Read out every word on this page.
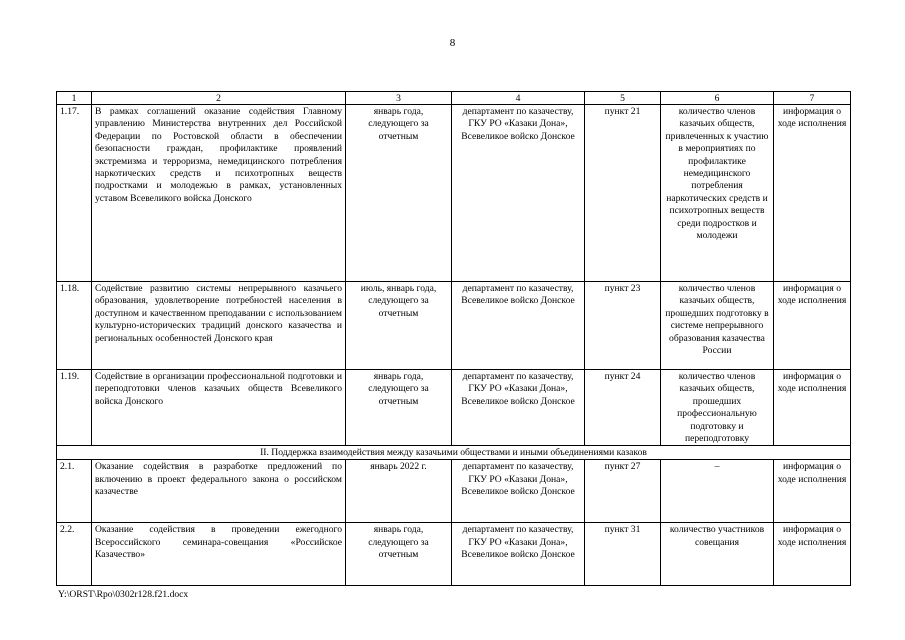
8
1	2	3	4	5	6	7
1.17.	В рамках соглашений оказание содействия Главному управлению Министерства внутренних дел Российской Федерации по Ростовской области в обеспечении безопасности граждан, профилактике проявлений экстремизма и терроризма, немедицинского потребления наркотических средств и психотропных веществ подростками и молодежью в рамках, установленных уставом Всевеликого войска Донского	январь года, следующего за отчетным	департамент по казачеству, ГКУ РО «Казаки Дона», Всевеликое войско Донское	пункт 21	количество членов казачьих обществ, привлеченных к участию в мероприятиях по профилактике немедицинского потребления наркотических средств и психотропных веществ среди подростков и молодежи	информация о ходе исполнения
1.18.	Содействие развитию системы непрерывного казачьего образования, удовлетворение потребностей населения в доступном и качественном преподавании с использованием культурно-исторических традиций донского казачества и региональных особенностей Донского края	июль, январь года, следующего за отчетным	департамент по казачеству, Всевеликое войско Донское	пункт 23	количество членов казачьих обществ, прошедших подготовку в системе непрерывного образования казачества России	информация о ходе исполнения
1.19.	Содействие в организации профессиональной подготовки и переподготовки членов казачьих обществ Всевеликого войска Донского	январь года, следующего за отчетным	департамент по казачеству, ГКУ РО «Казаки Дона», Всевеликое войско Донское	пункт 24	количество членов казачьих обществ, прошедших профессиональную подготовку и переподготовку	информация о ходе исполнения
II. Поддержка взаимодействия между казачьими обществами и иными объединениями казаков						
2.1.	Оказание содействия в разработке предложений по включению в проект федерального закона о российском казачестве	январь 2022 г.	департамент по казачеству, ГКУ РО «Казаки Дона», Всевеликое войско Донское	пункт 27	–	информация о ходе исполнения
2.2.	Оказание содействия в проведении ежегодного Всероссийского семинара-совещания «Российское Казачество»	январь года, следующего за отчетным	департамент по казачеству, ГКУ РО «Казаки Дона», Всевеликое войско Донское	пункт 31	количество участников совещания	информация о ходе исполнения
Y:\ORST\Rpo\0302r128.f21.docx
